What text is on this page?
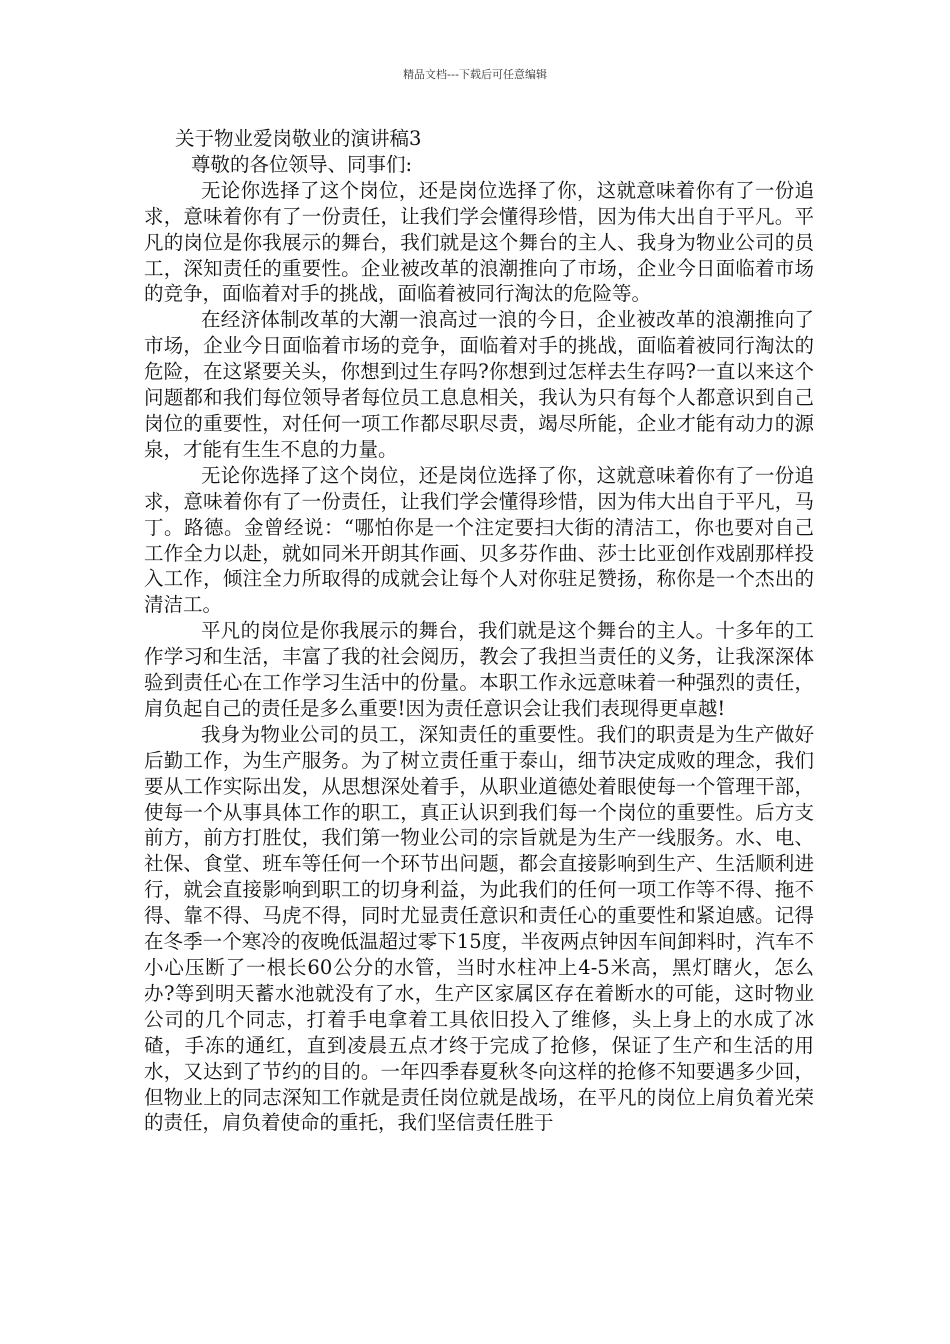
精品文档---下载后可任意编辑

关于物业爱岗敬业的演讲稿3

尊敬的各位领导、同事们:

无论你选择了这个岗位，还是岗位选择了你，这就意味着你有了一份追求，意味着你有了一份责任，让我们学会懂得珍惜，因为伟大出自于平凡。平凡的岗位是你我展示的舞台，我们就是这个舞台的主人、我身为物业公司的员工，深知责任的重要性。企业被改革的浪潮推向了市场，企业今日面临着市场的竞争，面临着对手的挑战，面临着被同行淘汰的危险等。

在经济体制改革的大潮一浪高过一浪的今日，企业被改革的浪潮推向了市场，企业今日面临着市场的竞争，面临着对手的挑战，面临着被同行淘汰的危险，在这紧要关头，你想到过生存吗?你想到过怎样去生存吗?一直以来这个问题都和我们每位领导者每位员工息息相关，我认为只有每个人都意识到自己岗位的重要性，对任何一项工作都尽职尽责，竭尽所能，企业才能有动力的源泉，才能有生生不息的力量。

无论你选择了这个岗位，还是岗位选择了你，这就意味着你有了一份追求，意味着你有了一份责任，让我们学会懂得珍惜，因为伟大出自于平凡，马丁。路德。金曾经说：“哪怕你是一个注定要扫大街的清洁工，你也要对自己工作全力以赴，就如同米开朗其作画、贝多芬作曲、莎士比亚创作戏剧那样投入工作，倾注全力所取得的成就会让每个人对你驻足赞扬，称你是一个杰出的清洁工。

平凡的岗位是你我展示的舞台，我们就是这个舞台的主人。十多年的工作学习和生活，丰富了我的社会阅历，教会了我担当责任的义务，让我深深体验到责任心在工作学习生活中的份量。本职工作永远意味着一种强烈的责任，肩负起自己的责任是多么重要!因为责任意识会让我们表现得更卓越!

我身为物业公司的员工，深知责任的重要性。我们的职责是为生产做好后勤工作，为生产服务。为了树立责任重于泰山，细节决定成败的理念，我们要从工作实际出发，从思想深处着手，从职业道德处着眼使每一个管理干部，使每一个从事具体工作的职工，真正认识到我们每一个岗位的重要性。后方支前方，前方打胜仗，我们第一物业公司的宗旨就是为生产一线服务。水、电、社保、食堂、班车等任何一个环节出问题，都会直接影响到生产、生活顺利进行，就会直接影响到职工的切身利益，为此我们的任何一项工作等不得、拖不得、靠不得、马虎不得，同时尤显责任意识和责任心的重要性和紧迫感。记得在冬季一个寒冷的夜晚低温超过零下15度，半夜两点钟因车间卸料时，汽车不小心压断了一根长60公分的水管，当时水柱冲上4-5米高，黑灯瞎火，怎么办?等到明天蓄水池就没有了水，生产区家属区存在着断水的可能，这时物业公司的几个同志，打着手电拿着工具依旧投入了维修，头上身上的水成了冰碴，手冻的通红，直到凌晨五点才终于完成了抢修，保证了生产和生活的用水，又达到了节约的目的。一年四季春夏秋冬向这样的抢修不知要遇多少回，但物业上的同志深知工作就是责任岗位就是战场，在平凡的岗位上肩负着光荣的责任，肩负着使命的重托，我们坚信责任胜于
